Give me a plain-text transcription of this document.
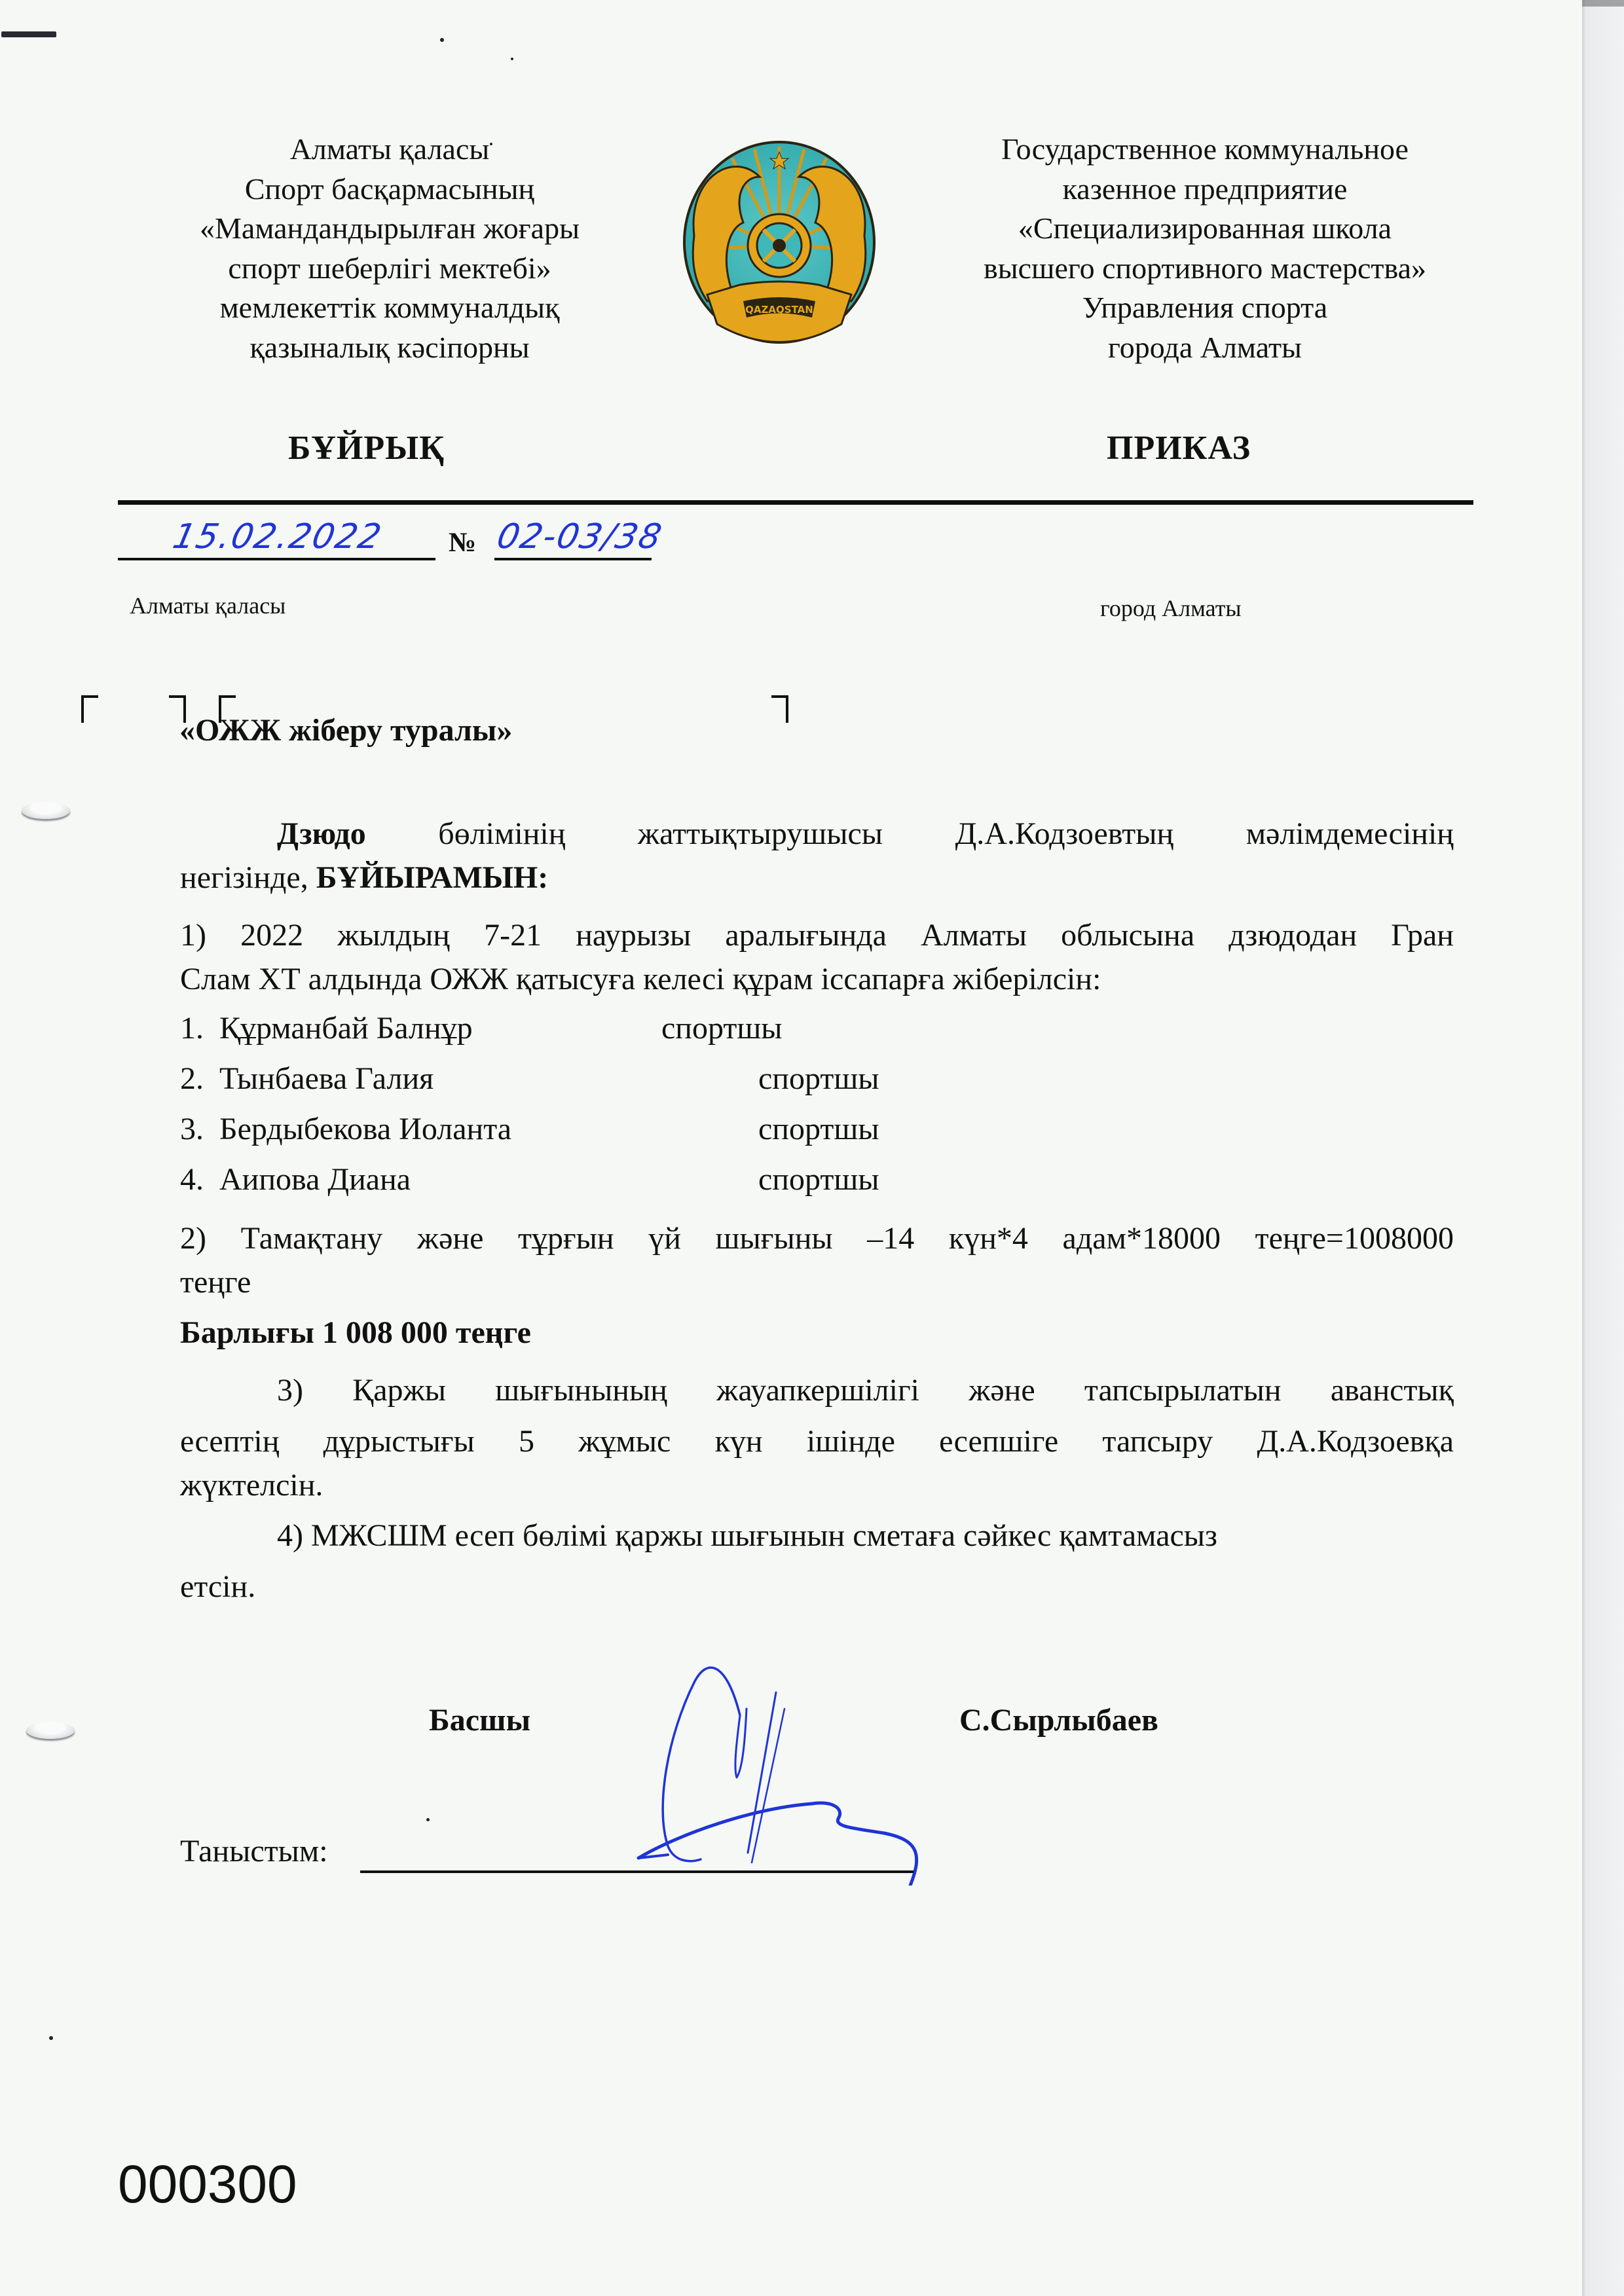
Алматы қаласы
Спорт басқармасының
«Мамандандырылған жоғары
спорт шеберлігі мектебі»
мемлекеттік коммуналдық
қазыналық кәсіпорны
QAZAQSTAN
Государственное коммунальное
казенное предприятие
«Специализированная школа
высшего спортивного мастерства»
Управления спорта
города Алматы
БҰЙРЫҚ	ПРИКАЗ
15.02.2022 № 02-03/38
Алматы қаласы	город Алматы
«ОЖЖ жіберу туралы»
Дзюдо бөлімінің жаттықтырушысы Д.А.Кодзоевтың мәлімдемесінің
негізінде, БҰЙЫРАМЫН:
1) 2022 жылдың 7-21 наурызы аралығында Алматы облысына дзюдодан Гран
Слам ХТ алдында ОЖЖ қатысуға келесі құрам іссапарға жіберілсін:
1. Құрманбай Балнұр	спортшы
2. Тынбаева Галия	спортшы
3. Бердыбекова Иоланта	спортшы
4. Аипова Диана	спортшы
2) Тамақтану және тұрғын үй шығыны –14 күн*4 адам*18000 теңге=1008000
теңге
Барлығы 1 008 000 теңге
3) Қаржы шығынының жауапкершілігі және тапсырылатын аванстық
есептің дұрыстығы 5 жұмыс күн ішінде есепшіге тапсыру Д.А.Кодзоевқа
жүктелсін.
4) МЖСШМ есеп бөлімі қаржы шығынын сметаға сәйкес қамтамасыз
етсін.
Басшы	С.Сырлыбаев
Таныстым:
000300
